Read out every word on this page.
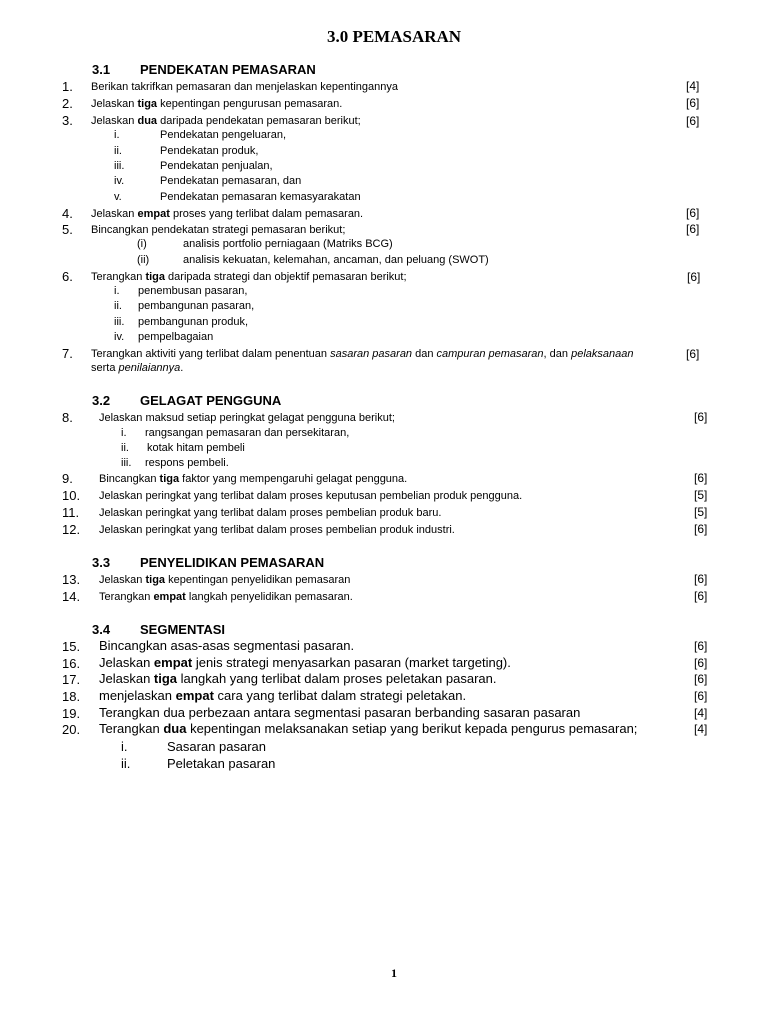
3.0 PEMASARAN
3.1 PENDEKATAN PEMASARAN
3.2 GELAGAT PENGGUNA
3.3 PENYELIDIKAN PEMASARAN
3.4 SEGMENTASI
1. Berikan takrifkan pemasaran dan menjelaskan kepentingannya	[4]
2. Jelaskan tiga kepentingan pengurusan pemasaran.	[6]
3. Jelaskan dua daripada pendekatan pemasaran berikut;	[6]
i.	Pendekatan pengeluaran,
ii.	Pendekatan produk,
iii.	Pendekatan penjualan,
iv.	Pendekatan pemasaran, dan
v.	Pendekatan pemasaran kemasyarakatan
4. Jelaskan empat proses yang terlibat dalam pemasaran.	[6]
5. Bincangkan pendekatan strategi pemasaran berikut;	[6]
(i)	analisis portfolio perniagaan (Matriks BCG)
(ii)	analisis kekuatan, kelemahan, ancaman, dan peluang (SWOT)
6. Terangkan tiga daripada strategi dan objektif pemasaran berikut;	[6]
i. penembusan pasaran,
ii. pembangunan pasaran,
iii. pembangunan produk,
iv. pempelbagaian
7. Terangkan aktiviti yang terlibat dalam penentuan sasaran pasaran dan campuran pemasaran, dan pelaksanaan
serta penilaiannya.
[6]
8. Jelaskan maksud setiap peringkat gelagat pengguna berikut;	[6]
i. rangsangan pemasaran dan persekitaran,
ii. kotak hitam pembeli
iii. respons pembeli.
9. Bincangkan tiga faktor yang mempengaruhi gelagat pengguna.	[6]
10. Jelaskan peringkat yang terlibat dalam proses keputusan pembelian produk pengguna.	[5]
11. Jelaskan peringkat yang terlibat dalam proses pembelian produk baru.	[5]
12. Jelaskan peringkat yang terlibat dalam proses pembelian produk industri.	[6]
13. Jelaskan tiga kepentingan penyelidikan pemasaran	[6]
14. Terangkan empat langkah penyelidikan pemasaran.	[6]
15. Bincangkan asas-asas segmentasi pasaran.	[6]
16. Jelaskan empat jenis strategi menyasarkan pasaran (market targeting).	[6]
17. Jelaskan tiga langkah yang terlibat dalam proses peletakan pasaran.	[6]
18. menjelaskan empat cara yang terlibat dalam strategi peletakan.	[6]
19. Terangkan dua perbezaan antara segmentasi pasaran berbanding sasaran pasaran	[4]
20. Terangkan dua kepentingan melaksanakan setiap yang berikut kepada pengurus pemasaran;	[4]
i.	Sasaran pasaran
ii.	Peletakan pasaran
1
